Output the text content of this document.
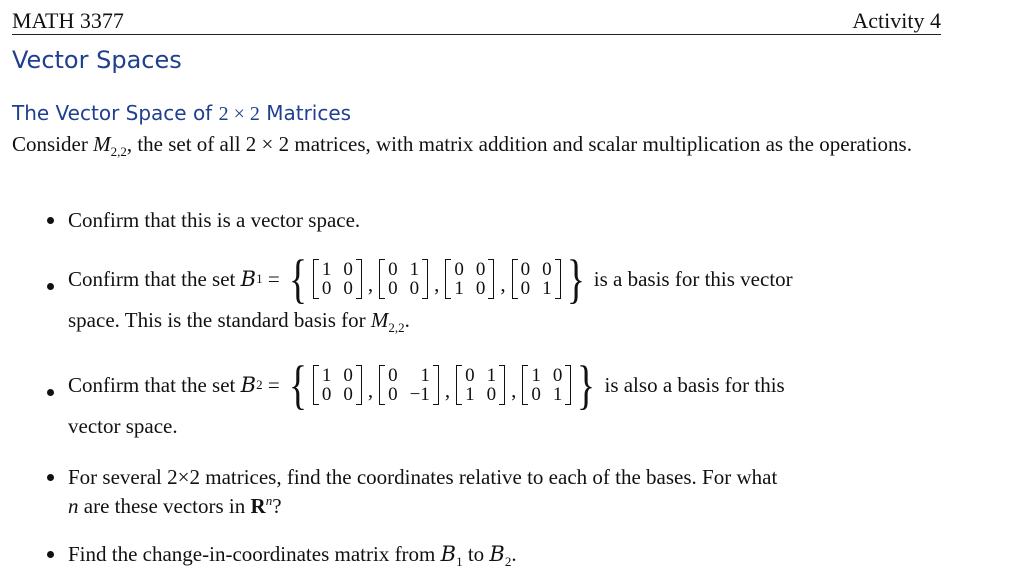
MATH 3377	Activity 4
Vector Spaces
The Vector Space of 2 × 2 Matrices
Consider $M_{2,2}$, the set of all 2 × 2 matrices, with matrix addition and scalar multiplication as the operations.
Confirm that this is a vector space.
Confirm that the set
B 1
=
{ 1 0
0 0 ,
0 1
0 0 ,
0 0
1 0 ,
0 0
0 1 }
is a basis for this vector
space. This is the standard basis for $M_{2,2}$.
Confirm that the set
B 2
=
{ 1 0
0 0 ,
0	1
0 −1 ,
0 1
1 0 ,
1 0
0 1 }
is also a basis for this
vector space.
For several 2×2 matrices, find the coordinates relative to each of the bases. For what
n are these vectors in $R^n$?
Find the change-in-coordinates matrix from $B_1$ to $B_2$.
